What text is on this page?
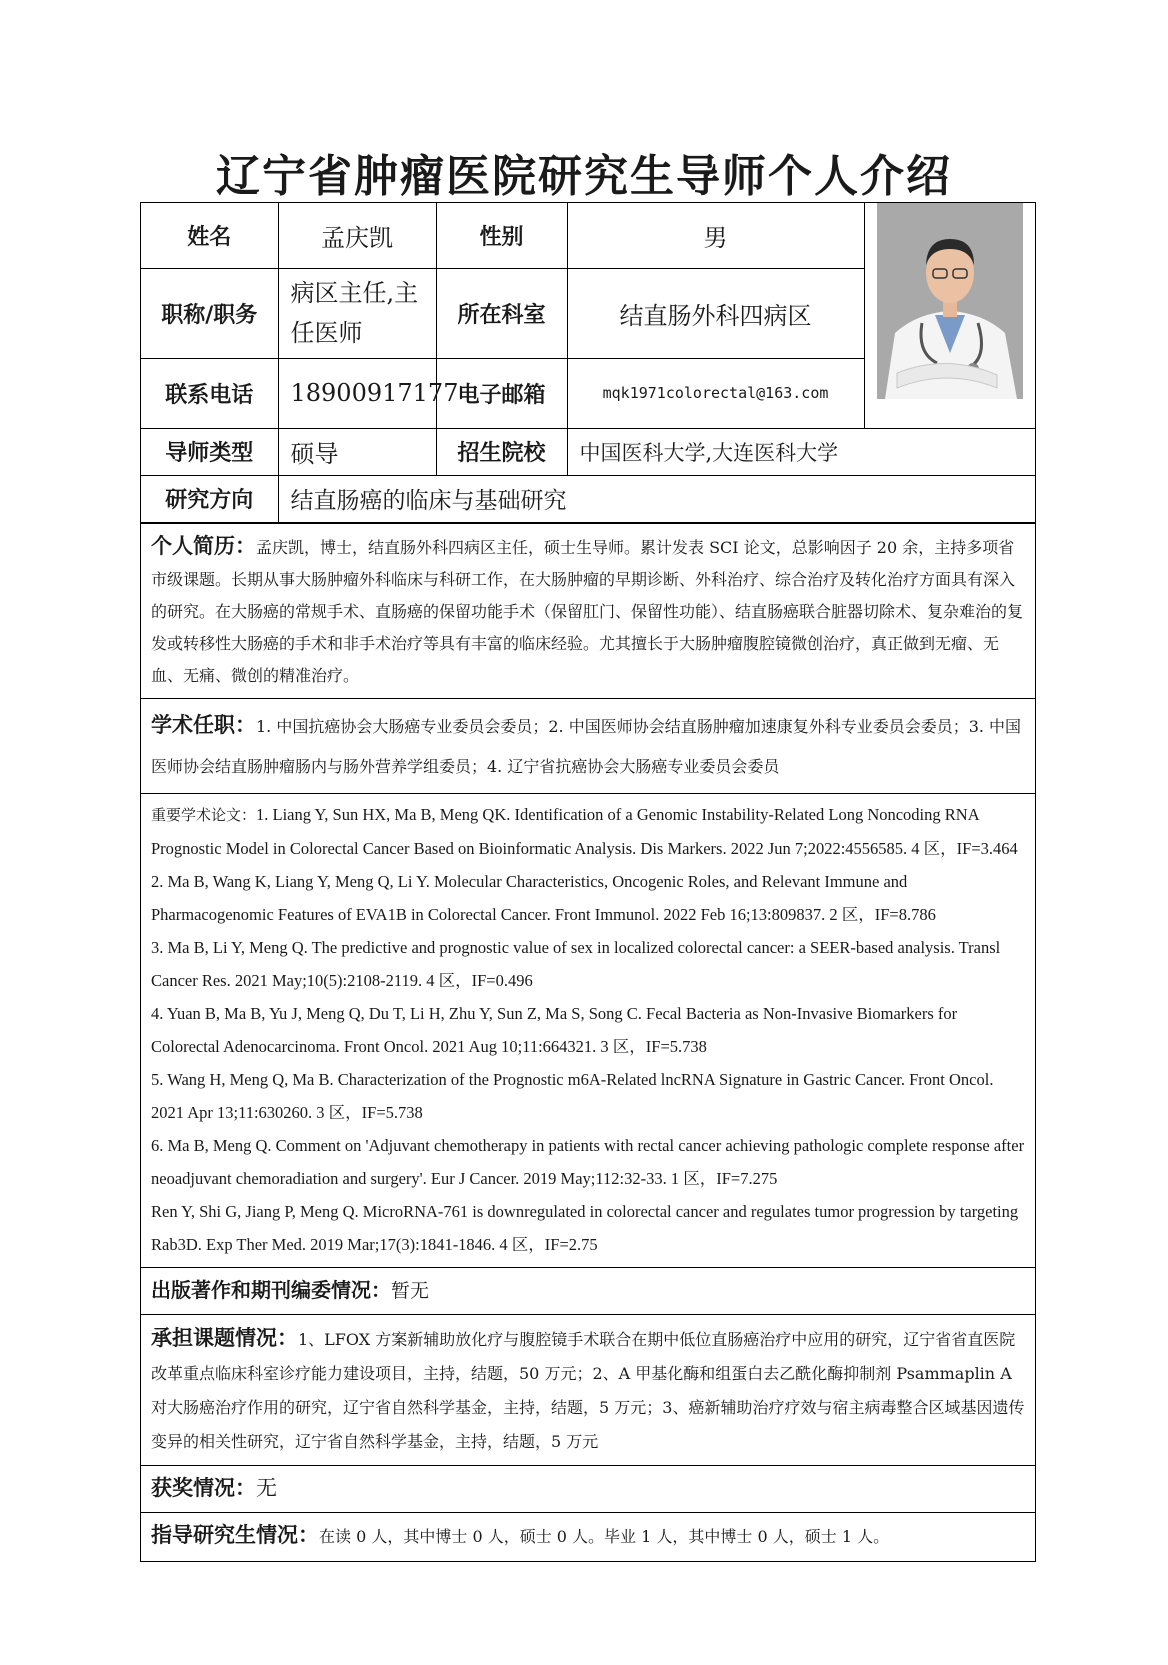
辽宁省肿瘤医院研究生导师个人介绍
姓名	孟庆凯	性别	男	

职称/职务	病区主任,主任医师	所在科室	结直肠外科四病区	
联系电话	18900917177	电子邮箱	mqk1971colorectal@163.com	
导师类型	硕导	招生院校	中国医科大学,大连医科大学	
研究方向	结直肠癌的临床与基础研究			
个人简历：孟庆凯，博士，结直肠外科四病区主任，硕士生导师。累计发表 SCI 论文，总影响因子 20 余，主持多项省市级课题。长期从事大肠肿瘤外科临床与科研工作，在大肠肿瘤的早期诊断、外科治疗、综合治疗及转化治疗方面具有深入的研究。在大肠癌的常规手术、直肠癌的保留功能手术（保留肛门、保留性功能）、结直肠癌联合脏器切除术、复杂难治的复发或转移性大肠癌的手术和非手术治疗等具有丰富的临床经验。尤其擅长于大肠肿瘤腹腔镜微创治疗，真正做到无瘤、无血、无痛、微创的精准治疗。
学术任职：1. 中国抗癌协会大肠癌专业委员会委员；2. 中国医师协会结直肠肿瘤加速康复外科专业委员会委员；3. 中国医师协会结直肠肿瘤肠内与肠外营养学组委员；4. 辽宁省抗癌协会大肠癌专业委员会委员
重要学术论文：1. Liang Y, Sun HX, Ma B, Meng QK. Identification of a Genomic Instability-Related Long Noncoding RNA Prognostic Model in Colorectal Cancer Based on Bioinformatic Analysis. Dis Markers. 2022 Jun 7;2022:4556585. 4 区，IF=3.464
2. Ma B, Wang K, Liang Y, Meng Q, Li Y. Molecular Characteristics, Oncogenic Roles, and Relevant Immune and Pharmacogenomic Features of EVA1B in Colorectal Cancer. Front Immunol. 2022 Feb 16;13:809837. 2 区，IF=8.786
3. Ma B, Li Y, Meng Q. The predictive and prognostic value of sex in localized colorectal cancer: a SEER-based analysis. Transl Cancer Res. 2021 May;10(5):2108-2119. 4 区，IF=0.496
4. Yuan B, Ma B, Yu J, Meng Q, Du T, Li H, Zhu Y, Sun Z, Ma S, Song C. Fecal Bacteria as Non-Invasive Biomarkers for Colorectal Adenocarcinoma. Front Oncol. 2021 Aug 10;11:664321. 3 区，IF=5.738
5. Wang H, Meng Q, Ma B. Characterization of the Prognostic m6A-Related lncRNA Signature in Gastric Cancer. Front Oncol. 2021 Apr 13;11:630260. 3 区，IF=5.738
6. Ma B, Meng Q. Comment on 'Adjuvant chemotherapy in patients with rectal cancer achieving pathologic complete response after neoadjuvant chemoradiation and surgery'. Eur J Cancer. 2019 May;112:32-33. 1 区，IF=7.275
Ren Y, Shi G, Jiang P, Meng Q. MicroRNA-761 is downregulated in colorectal cancer and regulates tumor progression by targeting Rab3D. Exp Ther Med. 2019 Mar;17(3):1841-1846. 4 区，IF=2.75
出版著作和期刊编委情况：暂无
承担课题情况：1、LFOX 方案新辅助放化疗与腹腔镜手术联合在期中低位直肠癌治疗中应用的研究，辽宁省省直医院改革重点临床科室诊疗能力建设项目，主持，结题，50 万元；2、A 甲基化酶和组蛋白去乙酰化酶抑制剂 Psammaplin A 对大肠癌治疗作用的研究，辽宁省自然科学基金，主持，结题，5 万元；3、癌新辅助治疗疗效与宿主病毒整合区域基因遗传变异的相关性研究，辽宁省自然科学基金，主持，结题，5 万元
获奖情况：无
指导研究生情况：在读 0 人，其中博士 0 人，硕士 0 人。毕业 1 人，其中博士 0 人，硕士 1 人。
